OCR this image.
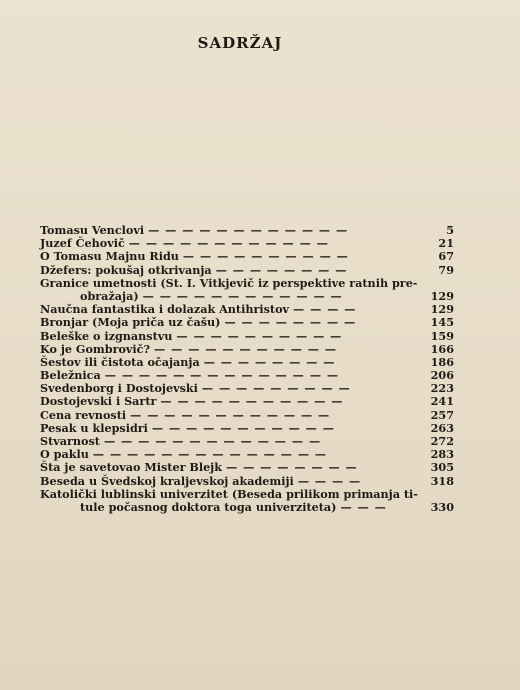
SADRŽAJ
Tomasu Venclovi — — — — — — — — — — — —	5
Juzef Čehovič — — — — — — — — — — — —	21
O Tomasu Majnu Ridu — — — — — — — — — —	67
Džefers: pokušaj otkrivanja — — — — — — — —	79
Granice umetnosti (St. I. Vitkjevič iz perspektive ratnih pre-
obražaja) — — — — — — — — — — — —	129
Naučna fantastika i dolazak Antihristov — — — —	129
Bronjar (Moja priča uz čašu) — — — — — — — —	145
Beleške o izgnanstvu — — — — — — — — — —	159
Ko je Gombrovič? — — — — — — — — — — —	166
Šestov ili čistota očajanja — — — — — — — —	186
Beležnica — — — — — — — — — — — — — —	206
Svedenborg i Dostojevski — — — — — — — — —	223
Dostojevski i Sartr — — — — — — — — — — —	241
Cena revnosti — — — — — — — — — — — —	257
Pesak u klepsidri — — — — — — — — — — —	263
Stvarnost — — — — — — — — — — — — —	272
O paklu — — — — — — — — — — — — — —	283
Šta je savetovao Mister Blejk — — — — — — — —	305
Beseda u Švedskoj kraljevskoj akademiji — — — —	318
Katolički lublinski univerzitet (Beseda prilikom primanja ti-
tule počasnog doktora toga univerziteta) — — —	330
